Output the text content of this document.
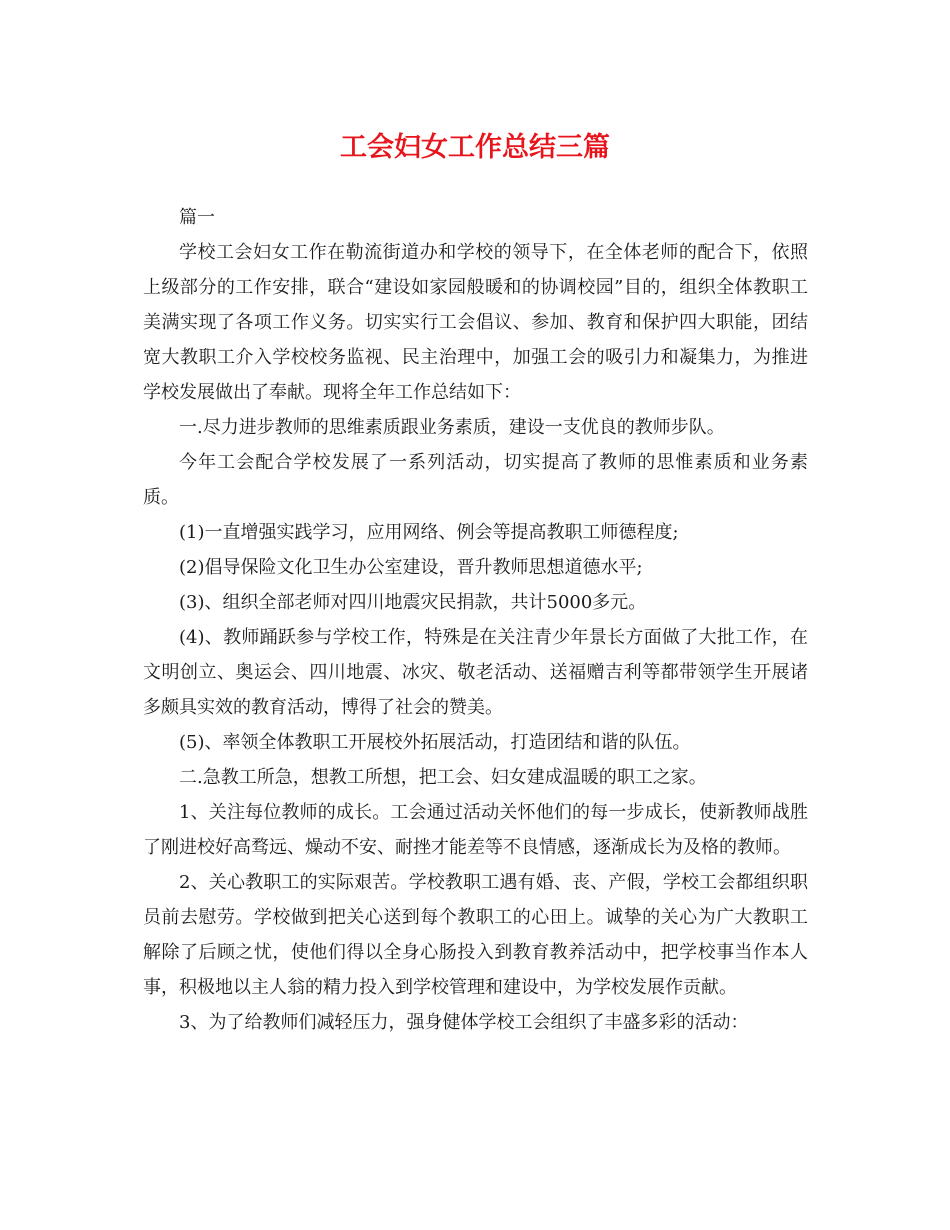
工会妇女工作总结三篇

篇一

学校工会妇女工作在勒流街道办和学校的领导下，在全体老师的配合下，依照上级部分的工作安排，联合“建设如家园般暖和的协调校园”目的，组织全体教职工美满实现了各项工作义务。切实实行工会倡议、参加、教育和保护四大职能，团结宽大教职工介入学校校务监视、民主治理中，加强工会的吸引力和凝集力，为推进学校发展做出了奉献。现将全年工作总结如下：

一.尽力进步教师的思维素质跟业务素质，建设一支优良的教师步队。

今年工会配合学校发展了一系列活动，切实提高了教师的思惟素质和业务素质。

(1)一直增强实践学习，应用网络、例会等提高教职工师德程度;

(2)倡导保险文化卫生办公室建设，晋升教师思想道德水平;

(3)、组织全部老师对四川地震灾民捐款，共计5000多元。

(4)、教师踊跃参与学校工作，特殊是在关注青少年景长方面做了大批工作，在文明创立、奥运会、四川地震、冰灾、敬老活动、送福赠吉利等都带领学生开展诸多颇具实效的教育活动，博得了社会的赞美。

(5)、率领全体教职工开展校外拓展活动，打造团结和谐的队伍。

二.急教工所急，想教工所想，把工会、妇女建成温暖的职工之家。

1、关注每位教师的成长。工会通过活动关怀他们的每一步成长，使新教师战胜了刚进校好高骛远、燥动不安、耐挫才能差等不良情感，逐渐成长为及格的教师。

2、关心教职工的实际艰苦。学校教职工遇有婚、丧、产假，学校工会都组织职员前去慰劳。学校做到把关心送到每个教职工的心田上。诚挚的关心为广大教职工解除了后顾之忧，使他们得以全身心肠投入到教育教养活动中，把学校事当作本人事，积极地以主人翁的精力投入到学校管理和建设中，为学校发展作贡献。

3、为了给教师们减轻压力，强身健体学校工会组织了丰盛多彩的活动：
